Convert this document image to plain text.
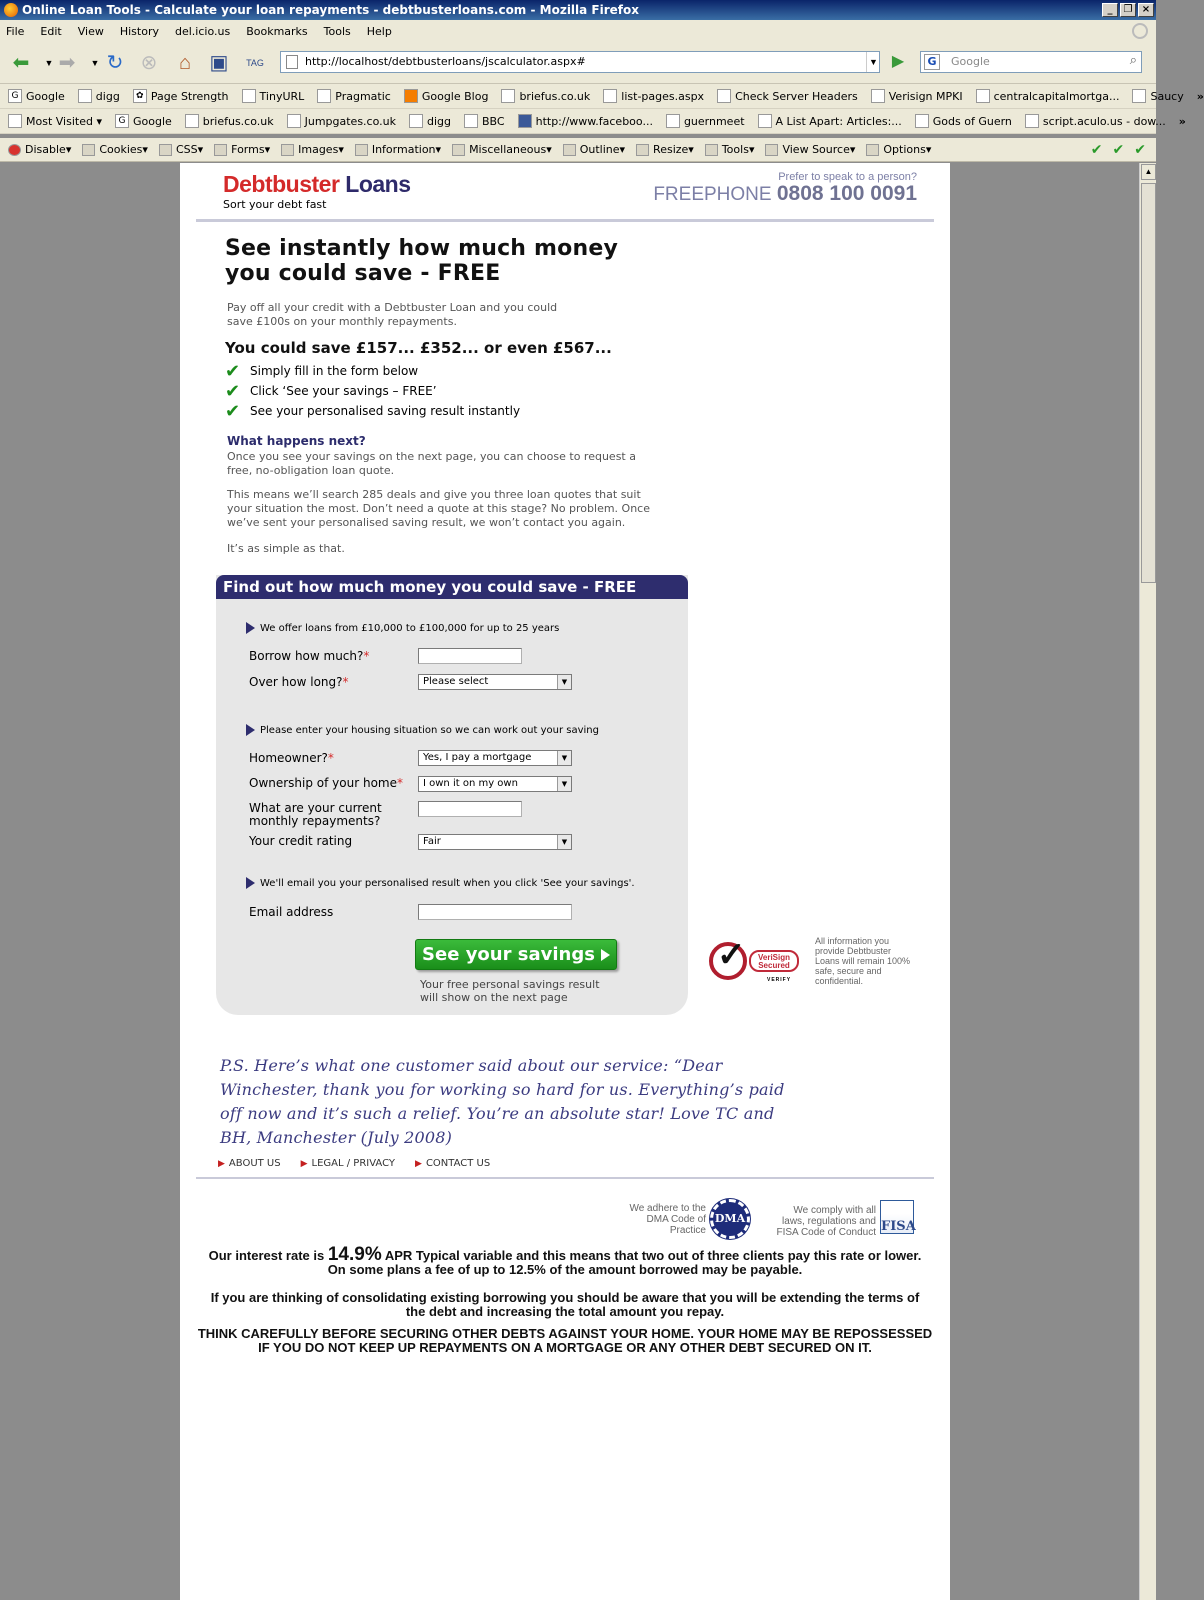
Online Loan Tools - Calculate your loan repayments - debtbusterloans.com - Mozilla Firefox	_	❐ ×
File Edit View History del.icio.us Bookmarks Tools Help
⬅	▼ ➡	▼ ↻ ⊗	⌂ ▣	TAG	http://localhost/debtbusterloans/jscalculator.aspx#	▼ ▶	G	Google	⌕
G Google	digg	✿ Page Strength	TinyURL	Pragmatic	Google Blog	briefus.co.uk	list-pages.aspx	Check Server Headers	Verisign MPKI	centralcapitalmortga...	Saucy »
Most Visited ▾	G Google	briefus.co.uk	Jumpgates.co.uk	digg	BBC	http://www.faceboo...	guernmeet	A List Apart: Articles:...	Gods of Guern	script.aculo.us - dow... »
Disable ▾	Cookies ▾	CSS ▾	Forms ▾	Images ▾	Information ▾	Miscellaneous ▾	Outline ▾	Resize ▾	Tools ▾	View Source ▾	Options ▾	✔ ✔ ✔
▲
Debtbuster Loans
Sort your debt fast
Prefer to speak to a person?
FREEPHONE 0808 100 0091
See instantly how much money
you could save - FREE
Pay off all your credit with a Debtbuster Loan and you could save £100s on your monthly repayments.
You could save £157... £352... or even £567...
✔ Simply fill in the form below
✔ Click ‘See your savings – FREE’
✔ See your personalised saving result instantly
What happens next?
Once you see your savings on the next page, you can choose to request a free, no-obligation loan quote.
This means we’ll search 285 deals and give you three loan quotes that suit your situation the most. Don’t need a quote at this stage? No problem. Once we’ve sent your personalised saving result, we won’t contact you again.
It’s as simple as that.
Find out how much money you could save - FREE
We offer loans from £10,000 to £100,000 for up to 25 years
Borrow how much?*
Over how long?*	Please select	▼
Please enter your housing situation so we can work out your saving
Homeowner?*	Yes, I pay a mortgage	▼
Ownership of your home*	I own it on my own	▼
What are your current
monthly repayments?
Your credit rating	Fair	▼
We'll email you your personalised result when you click 'See your savings'.
Email address
See your savings
Your free personal savings result will show on the next page
✓	VeriSign
Secured
VERIFY
All information you provide Debtbuster Loans will remain 100% safe, secure and confidential.
P.S. Here’s what one customer said about our service: “Dear Winchester, thank you for working so hard for us. Everything’s paid off now and it’s such a relief. You’re an absolute star! Love TC and BH, Manchester (July 2008)
▶ ABOUT US ▶ LEGAL / PRIVACY ▶ CONTACT US
We adhere to the DMA Code of Practice
DMA
We comply with all laws, regulations and FISA Code of Conduct FISA
Our interest rate is 14.9% APR Typical variable and this means that two out of three clients pay this rate or lower.
On some plans a fee of up to 12.5% of the amount borrowed may be payable.
If you are thinking of consolidating existing borrowing you should be aware that you will be extending the terms of the debt and increasing the total amount you repay.
THINK CAREFULLY BEFORE SECURING OTHER DEBTS AGAINST YOUR HOME. YOUR HOME MAY BE REPOSSESSED IF YOU DO NOT KEEP UP REPAYMENTS ON A MORTGAGE OR ANY OTHER DEBT SECURED ON IT.
